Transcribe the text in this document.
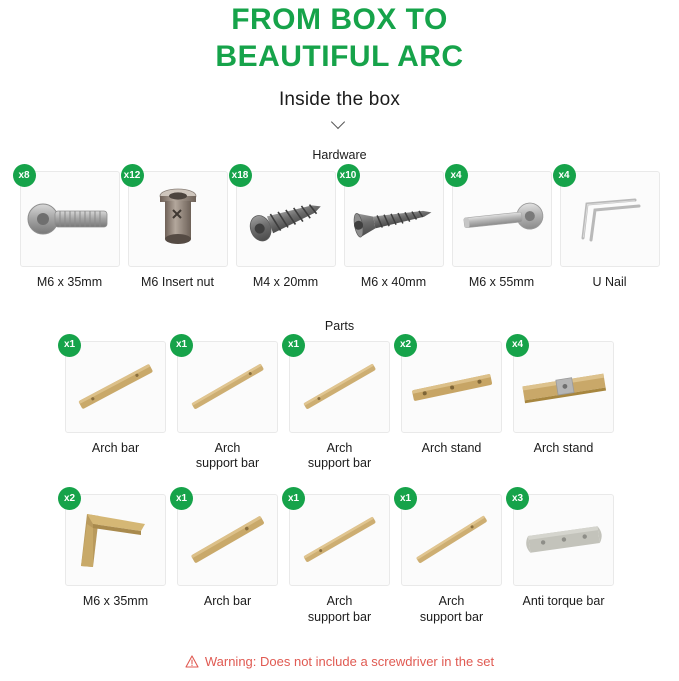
FROM BOX TO
BEAUTIFUL ARC
Inside the box
Hardware
x8
M6 x 35mm
x12
M6 Insert nut
x18
M4 x 20mm
x10
M6 x 40mm
x4
M6 x 55mm
x4
U Nail
Parts
x1
Arch bar
x1
Arch
support bar
x1
Arch
support bar
x2
Arch stand
x4
Arch stand
x2
M6 x 35mm
x1
Arch bar
x1
Arch
support bar
x1
Arch
support bar
x3
Anti torque bar
Warning: Does not include a screwdriver in the set
